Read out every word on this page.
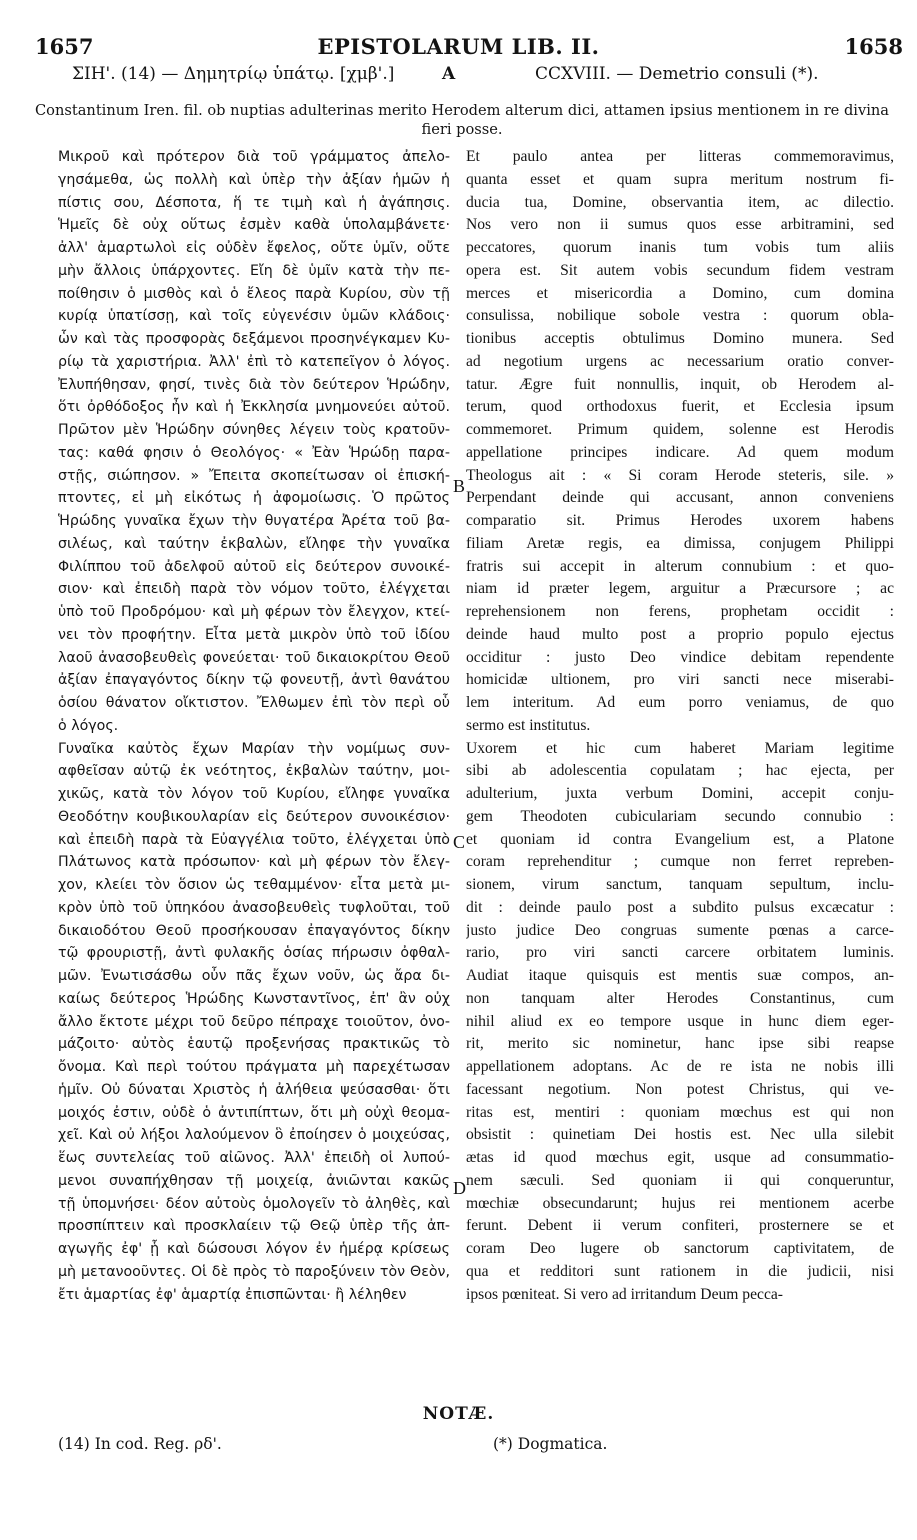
1657	EPISTOLARUM LIB. II.	1658
ΣΙΗ'. (14) — Δημητρίῳ ὑπάτῳ. [χμβ'.]	A	CCXVIII. — Demetrio consuli (*).
Constantinum Iren. fil. ob nuptias adulterinas merito Herodem alterum dici, attamen ipsius mentionem in re divina fieri posse.
Μικροῦ καὶ πρότερον διὰ τοῦ γράμματος ἀπελο-
γησάμεθα, ὡς πολλὴ καὶ ὑπὲρ τὴν ἀξίαν ἡμῶν ἡ
πίστις σου, Δέσποτα, ἥ τε τιμὴ καὶ ἡ ἀγάπησις.
Ἡμεῖς δὲ οὐχ οὕτως ἐσμὲν καθὰ ὑπολαμβάνετε·
ἀλλ' ἁμαρτωλοὶ εἰς οὐδὲν ἔφελος, οὔτε ὑμῖν, οὔτε
μὴν ἄλλοις ὑπάρχοντες. Εἴη δὲ ὑμῖν κατὰ τὴν πε-
ποίθησιν ὁ μισθὸς καὶ ὁ ἔλεος παρὰ Κυρίου, σὺν τῇ
κυρίᾳ ὑπατίσσῃ, καὶ τοῖς εὐγενέσιν ὑμῶν κλάδοις·
ὧν καὶ τὰς προσφορὰς δεξάμενοι προσηνέγκαμεν Κυ-
ρίῳ τὰ χαριστήρια. Ἀλλ' ἐπὶ τὸ κατεπεῖγον ὁ λόγος.
Ἐλυπήθησαν, φησί, τινὲς διὰ τὸν δεύτερον Ἡρώδην,
ὅτι ὀρθόδοξος ἦν καὶ ἡ Ἐκκλησία μνημονεύει αὐτοῦ.
Πρῶτον μὲν Ἡρώδην σύνηθες λέγειν τοὺς κρατοῦν-
τας: καθά φησιν ὁ Θεολόγος· « Ἐὰν Ἡρώδῃ παρα-
στῇς, σιώπησον. » Ἔπειτα σκοπείτωσαν οἱ ἐπισκή-
πτοντες, εἰ μὴ εἰκότως ἡ ἀφομοίωσις. Ὁ πρῶτος
Ἡρώδης γυναῖκα ἔχων τὴν θυγατέρα Ἀρέτα τοῦ βα-
σιλέως, καὶ ταύτην ἐκβαλὼν, εἴληφε τὴν γυναῖκα
Φιλίππου τοῦ ἀδελφοῦ αὐτοῦ εἰς δεύτερον συνοικέ-
σιον· καὶ ἐπειδὴ παρὰ τὸν νόμον τοῦτο, ἐλέγχεται
ὑπὸ τοῦ Προδρόμου· καὶ μὴ φέρων τὸν ἔλεγχον, κτεί-
νει τὸν προφήτην. Εἶτα μετὰ μικρὸν ὑπὸ τοῦ ἰδίου
λαοῦ ἀνασοβευθεὶς φονεύεται· τοῦ δικαιοκρίτου Θεοῦ
ἀξίαν ἐπαγαγόντος δίκην τῷ φονευτῇ, ἀντὶ θανάτου
ὁσίου θάνατον οἴκτιστον. Ἔλθωμεν ἐπὶ τὸν περὶ οὗ
ὁ λόγος.
Γυναῖκα καὐτὸς ἔχων Μαρίαν τὴν νομίμως συν-
αφθεῖσαν αὐτῷ ἐκ νεότητος, ἐκβαλὼν ταύτην, μοι-
χικῶς, κατὰ τὸν λόγον τοῦ Κυρίου, εἴληφε γυναῖκα
Θεοδότην κουβικουλαρίαν εἰς δεύτερον συνοικέσιον·
καὶ ἐπειδὴ παρὰ τὰ Εὐαγγέλια τοῦτο, ἐλέγχεται ὑπὸ
Πλάτωνος κατὰ πρόσωπον· καὶ μὴ φέρων τὸν ἔλεγ-
χον, κλείει τὸν ὅσιον ὡς τεθαμμένον· εἶτα μετὰ μι-
κρὸν ὑπὸ τοῦ ὑπηκόου ἀνασοβευθεὶς τυφλοῦται, τοῦ
δικαιοδότου Θεοῦ προσήκουσαν ἐπαγαγόντος δίκην
τῷ φρουριστῇ, ἀντὶ φυλακῆς ὁσίας πήρωσιν ὀφθαλ-
μῶν. Ἐνωτισάσθω οὖν πᾶς ἔχων νοῦν, ὡς ἄρα δι-
καίως δεύτερος Ἡρώδης Κωνσταντῖνος, ἐπ' ἂν οὐχ
ἄλλο ἔκτοτε μέχρι τοῦ δεῦρο πέπραχε τοιοῦτον, ὀνο-
μάζοιτο· αὐτὸς ἑαυτῷ προξενήσας πρακτικῶς τὸ
ὄνομα. Καὶ περὶ τούτου πράγματα μὴ παρεχέτωσαν
ἡμῖν. Οὐ δύναται Χριστὸς ἡ ἀλήθεια ψεύσασθαι· ὅτι
μοιχός ἐστιν, οὐδὲ ὁ ἀντιπίπτων, ὅτι μὴ οὐχὶ θεομα-
χεῖ. Καὶ οὐ λήξοι λαλούμενον ὃ ἐποίησεν ὁ μοιχεύσας,
ἕως συντελείας τοῦ αἰῶνος. Ἀλλ' ἐπειδὴ οἱ λυπού-
μενοι συναπήχθησαν τῇ μοιχείᾳ, ἀνιῶνται κακῶς
τῇ ὑπομνήσει· δέον αὐτοὺς ὁμολογεῖν τὸ ἀληθὲς, καὶ
προσπίπτειν καὶ προσκλαίειν τῷ Θεῷ ὑπὲρ τῆς ἀπ-
αγωγῆς ἐφ' ᾗ καὶ δώσουσι λόγον ἐν ἡμέρᾳ κρίσεως
μὴ μετανοοῦντες. Οἱ δὲ πρὸς τὸ παροξύνειν τὸν Θεὸν,
ἔτι ἁμαρτίας ἐφ' ἁμαρτίᾳ ἐπισπῶνται· ἢ λέληθεν
Et paulo antea per litteras commemoravimus,
quanta esset et quam supra meritum nostrum fi-
ducia tua, Domine, observantia item, ac dilectio.
Nos vero non ii sumus quos esse arbitramini, sed
peccatores, quorum inanis tum vobis tum aliis
opera est. Sit autem vobis secundum fidem vestram
merces et misericordia a Domino, cum domina
consulissa, nobilique sobole vestra : quorum obla-
tionibus acceptis obtulimus Domino munera. Sed
ad negotium urgens ac necessarium oratio conver-
tatur. Ægre fuit nonnullis, inquit, ob Herodem al-
terum, quod orthodoxus fuerit, et Ecclesia ipsum
commemoret. Primum quidem, solenne est Herodis
appellatione principes indicare. Ad quem modum
Theologus ait : « Si coram Herode steteris, sile. »
Perpendant deinde qui accusant, annon conveniens
comparatio sit. Primus Herodes uxorem habens
filiam Aretæ regis, ea dimissa, conjugem Philippi
fratris sui accepit in alterum connubium : et quo-
niam id præter legem, arguitur a Præcursore ; ac
reprehensionem non ferens, prophetam occidit :
deinde haud multo post a proprio populo ejectus
occiditur : justo Deo vindice debitam rependente
homicidæ ultionem, pro viri sancti nece miserabi-
lem interitum. Ad eum porro veniamus, de quo
sermo est institutus.
Uxorem et hic cum haberet Mariam legitime
sibi ab adolescentia copulatam ; hac ejecta, per
adulterium, juxta verbum Domini, accepit conju-
gem Theodoten cubiculariam secundo connubio :
et quoniam id contra Evangelium est, a Platone
coram reprehenditur ; cumque non ferret repreben-
sionem, virum sanctum, tanquam sepultum, inclu-
dit : deinde paulo post a subdito pulsus excæcatur :
justo judice Deo congruas sumente pœnas a carce-
rario, pro viri sancti carcere orbitatem luminis.
Audiat itaque quisquis est mentis suæ compos, an-
non tanquam alter Herodes Constantinus, cum
nihil aliud ex eo tempore usque in hunc diem eger-
rit, merito sic nominetur, hanc ipse sibi reapse
appellationem adoptans. Ac de re ista ne nobis illi
facessant negotium. Non potest Christus, qui ve-
ritas est, mentiri : quoniam mœchus est qui non
obsistit : quinetiam Dei hostis est. Nec ulla silebit
ætas id quod mœchus egit, usque ad consummatio-
nem sæculi. Sed quoniam ii qui conqueruntur,
mœchiæ obsecundarunt; hujus rei mentionem acerbe
ferunt. Debent ii verum confiteri, prosternere se et
coram Deo lugere ob sanctorum captivitatem, de
qua et redditori sunt rationem in die judicii, nisi
ipsos pœniteat. Si vero ad irritandum Deum pecca-
B
C
D
NOTÆ.
(14) In cod. Reg. ρδ'.	(*) Dogmatica.
